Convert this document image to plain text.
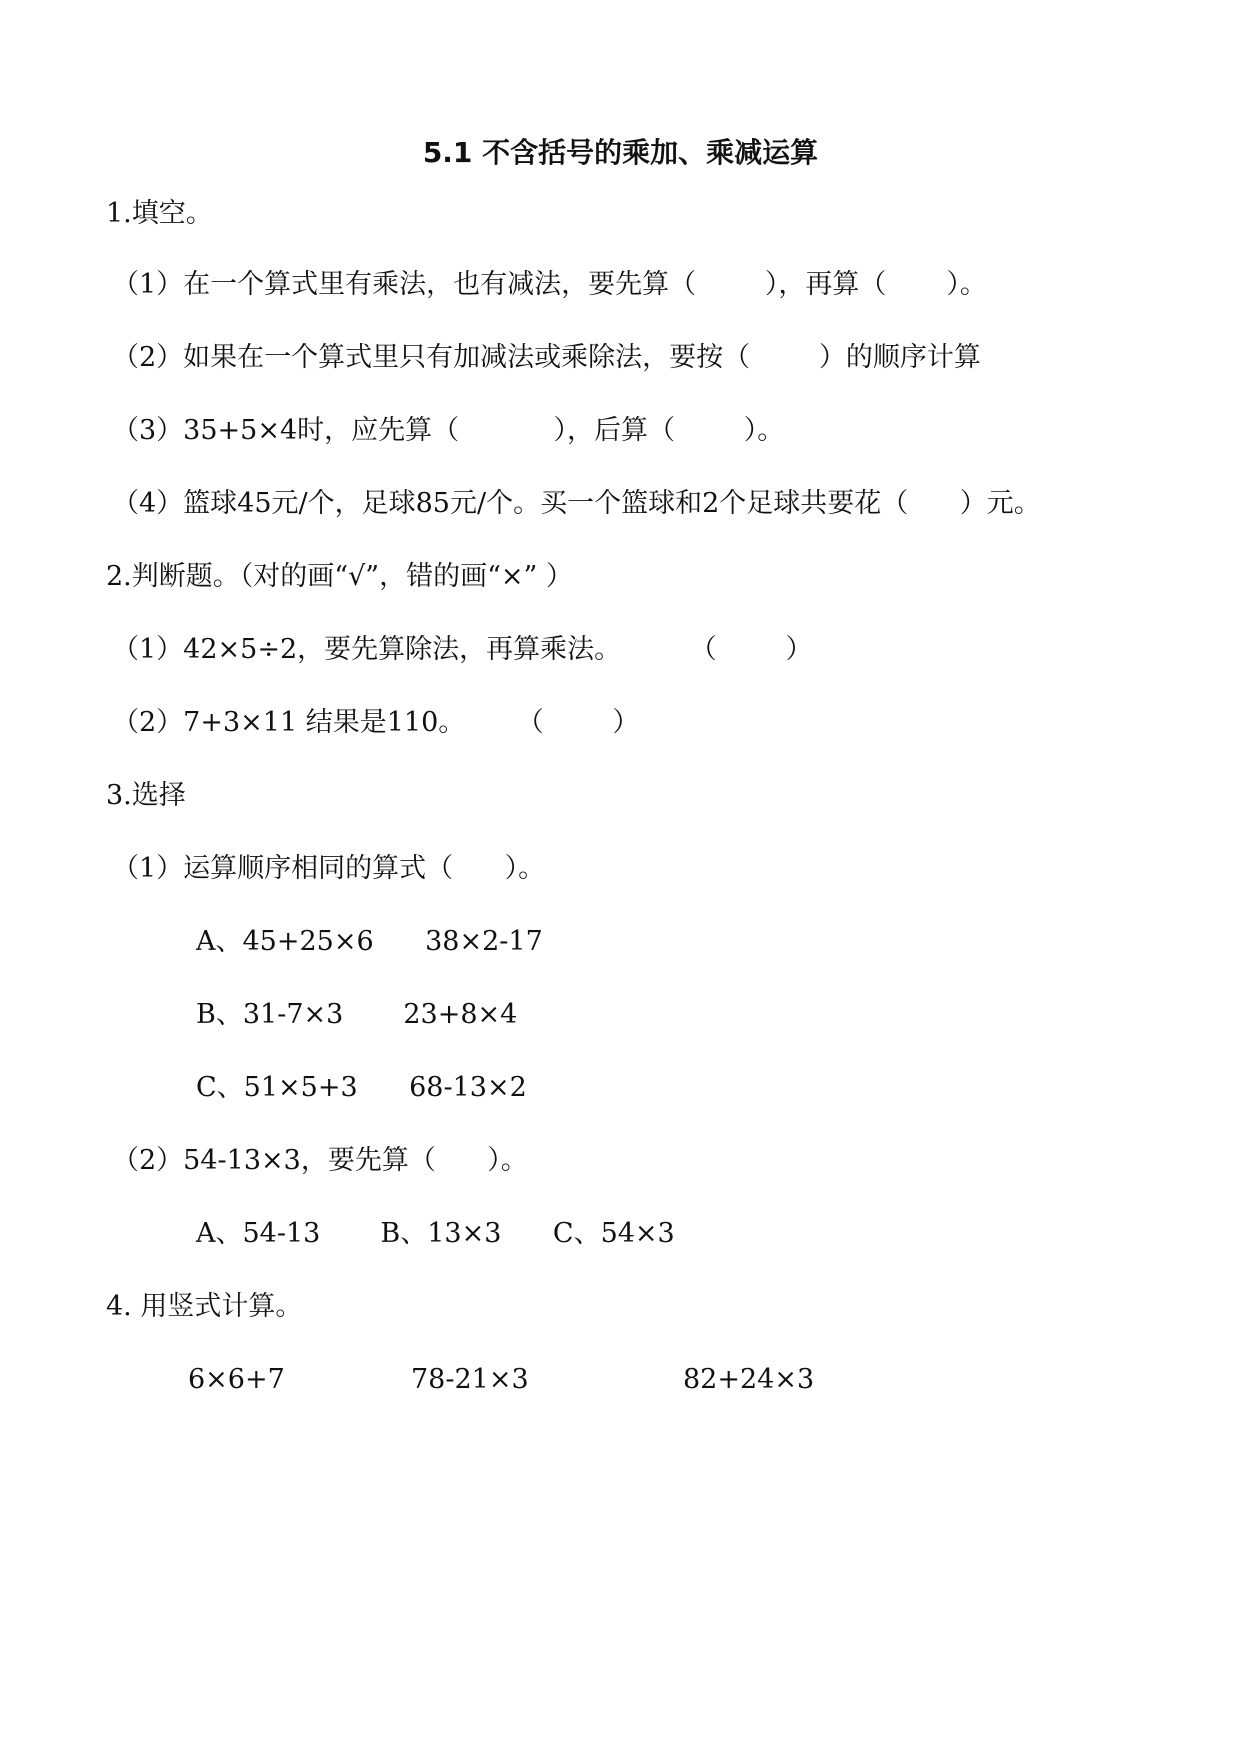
5.1 不含括号的乘加、乘减运算
1.填空。
（1）在一个算式里有乘法，也有减法，要先算（        ），再算（       ）。
（2）如果在一个算式里只有加减法或乘除法，要按（        ）的顺序计算
（3）35+5×4时，应先算（           ），后算（        ）。
（4）篮球45元/个，足球85元/个。买一个篮球和2个足球共要花（      ）元。
2.判断题。（对的画“√”，错的画“×” ）
（1）42×5÷2，要先算除法，再算乘法。        （        ）
（2）7+3×11 结果是110。      （        ）
3.选择
（1）运算顺序相同的算式（      ）。
A、45+25×6      38×2-17
B、31-7×3       23+8×4
C、51×5+3      68-13×2
（2）54-13×3，要先算（      ）。
A、54-13       B、13×3      C、54×3
4. 用竖式计算。
6×6+7	78-21×3	82+24×3
